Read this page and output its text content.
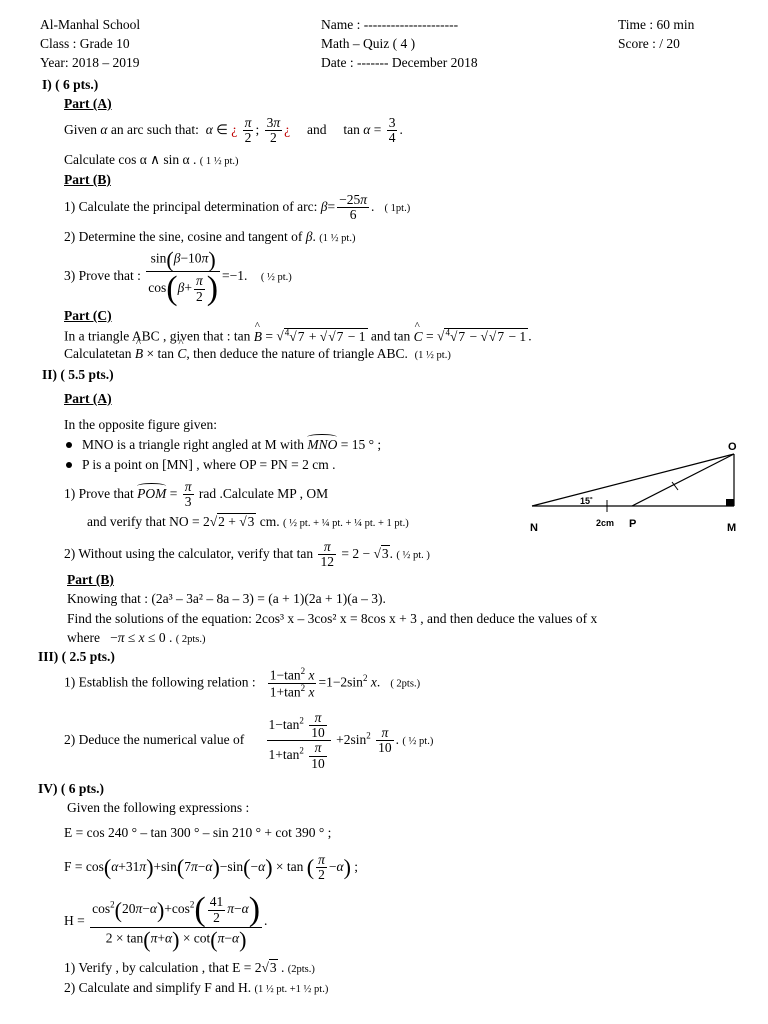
Al-Manhal School
Class : Grade 10
Year: 2018 – 2019
Name : ---------------------
Math – Quiz ( 4 )
Date : ------- December 2018
Time : 60 min
Score : / 20
I) ( 6 pts.)
Part (A)
Given α an arc such that: α ∈ ¿ $\frac{\pi}{2}$ ; $\frac{3\pi}{2}$ ¿ and     $\tan \alpha = \frac{3}{4}$ .
Calculate cos α ∧ sin α . ( 1 ½ pt.)
Part (B)
1) Calculate the principal determination of arc: $\beta= \frac{-25\pi}{6}$ .   ( 1pt.)
2) Determine the sine, cosine and tangent of β. (1 ½ pt.)
3) Prove that : $\frac{\sin(\beta-10\pi)}{\cos(\beta+ \frac{\pi}{2} )} =-1$.    ( ½ pt.)
Part (C)
In a triangle ABC , given that : tan ^ B = √$^4$√7 + √√7 − 1 and tan ^ C = √$^4$√7 − √√7 − 1 .
Calculatetan ^ B × tan ^ C, then deduce the nature of triangle ABC. (1 ½ pt.)
II) ( 5.5 pts.)
Part (A)
In the opposite figure given:
MNO is a triangle right angled at M with MNO = 15 ° ;
P is a point on [MN] , where OP = PN = 2 cm .
1) Prove that POM = $\frac{\pi}{3}$ rad .Calculate MP , OM
and verify that NO = 2√2 + √3 cm. ( ½ pt. + ¼ pt. + ¼ pt. + 1 pt.)
2) Without using the calculator, verify that $\tan \frac{\pi}{12} = 2 - √3$. ( ½ pt. )
Part (B)
Knowing that : (2a³ – 3a² – 8a – 3) = (a + 1)(2a + 1)(a – 3).
Find the solutions of the equation: 2cos³ x – 3cos² x = 8cos x + 3 , and then deduce the values of x
where   −π ≤ x ≤ 0 . ( 2pts.)
O
N	P	M
15˚
2cm
III) ( 2.5 pts.)
1) Establish the following relation : $\frac{1-\tan^2 x}{1+\tan^2 x} =1-2\sin^2$ x.   ( 2pts.)
2) Deduce the numerical value of $\frac{1-\tan^2 \frac{\pi}{10}}{1+\tan^2 \frac{\pi}{10}} +2\sin^2 \frac{\pi}{10}$ . ( ½ pt.)
IV) ( 6 pts.)
Given the following expressions :
E = cos 240 ° – tan 300 ° – sin 210 ° + cot 390 ° ;
F = cos(α+31π)+sin(7π−α)−sin(−α) × tan ( $\frac{\pi}{2} -\alpha$) ;
$H = \frac{\cos^2(20\pi-\alpha)+\cos^2( \frac{41}{2} \pi-\alpha)}{2 \times \tan(\pi+\alpha) \times \cot(\pi-\alpha)}$ .
1) Verify , by calculation , that E = 2√3 . (2pts.)
2) Calculate and simplify F and H. (1 ½ pt. +1 ½ pt.)
